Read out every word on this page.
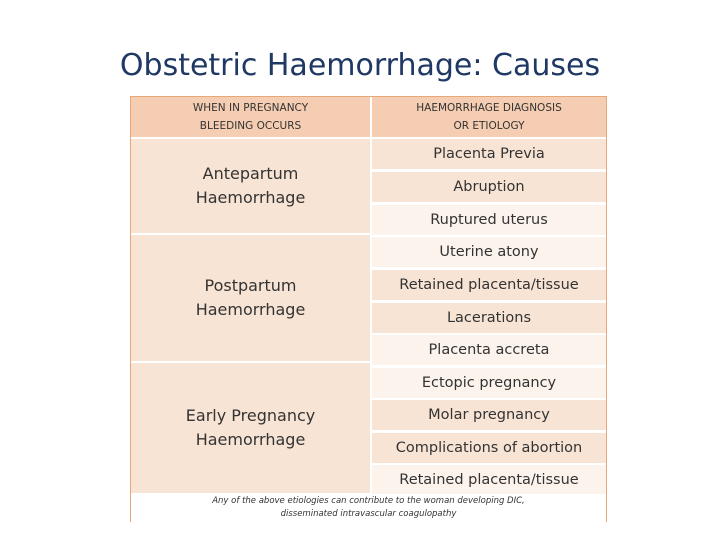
Obstetric Haemorrhage: Causes
WHEN IN PREGNANCY
BLEEDING OCCURS
HAEMORRHAGE DIAGNOSIS
OR ETIOLOGY
Antepartum
Haemorrhage
Placenta Previa
Abruption
Ruptured uterus
Postpartum
Haemorrhage
Uterine atony
Retained placenta/tissue
Lacerations
Placenta accreta
Early Pregnancy
Haemorrhage
Ectopic pregnancy
Molar pregnancy
Complications of abortion
Retained placenta/tissue
Any of the above etiologies can contribute to the woman developing DIC,
disseminated intravascular coagulopathy
